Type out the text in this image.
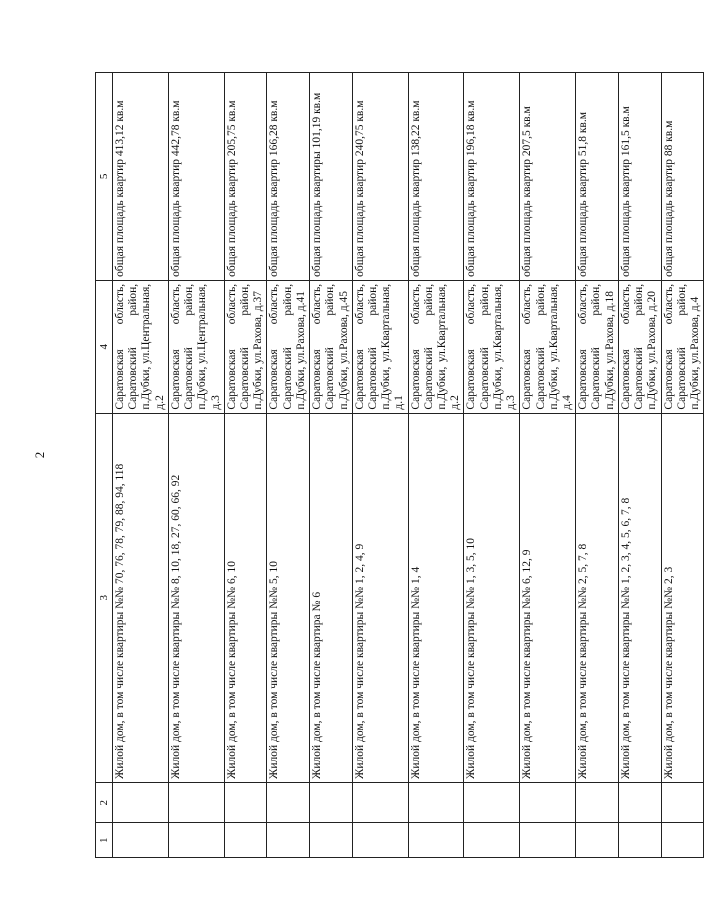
2
1	2	3	4	5
		Жилой дом, в том числе квартиры №№ 70, 76, 78, 79, 88, 94, 118	Саратовская область, Саратовский район, п.Дубки, ул.Центральная, д.2	общая площадь квартир 413,12 кв.м
		Жилой дом, в том числе квартиры №№ 8, 10, 18, 27, 60, 66, 92	Саратовская область, Саратовский район, п.Дубки, ул.Центральная, д.3	общая площадь квартир 442,78 кв.м
		Жилой дом, в том числе квартиры №№ 6, 10	Саратовская область, Саратовский район, п.Дубки, ул.Рахова, д.37	общая площадь квартир 205,75 кв.м
		Жилой дом, в том числе квартиры №№ 5, 10	Саратовская область, Саратовский район, п.Дубки, ул.Рахова, д.41	общая площадь квартир 166,28 кв.м
		Жилой дом, в том числе квартира № 6	Саратовская область, Саратовский район, п.Дубки, ул.Рахова, д.45	общая площадь квартиры 101,19 кв.м
		Жилой дом, в том числе квартиры №№ 1, 2, 4, 9	Саратовская область, Саратовский район, п.Дубки, ул.Квартальная, д.1	общая площадь квартир 240,75 кв.м
		Жилой дом, в том числе квартиры №№ 1, 4	Саратовская область, Саратовский район, п.Дубки, ул.Квартальная, д.2	общая площадь квартир 138,22 кв.м
		Жилой дом, в том числе квартиры №№ 1, 3, 5, 10	Саратовская область, Саратовский район, п.Дубки, ул.Квартальная, д.3	общая площадь квартир 196,18 кв.м
		Жилой дом, в том числе квартиры №№ 6, 12, 9	Саратовская область, Саратовский район, п.Дубки, ул.Квартальная, д.4	общая площадь квартир 207,5 кв.м
		Жилой дом, в том числе квартиры №№ 2, 5, 7, 8	Саратовская область, Саратовский район, п.Дубки, ул.Рахова, д.18	общая площадь квартир 51,8 кв.м
		Жилой дом, в том числе квартиры №№ 1, 2, 3, 4, 5, 6, 7, 8	Саратовская область, Саратовский район, п.Дубки, ул.Рахова, д.20	общая площадь квартир 161,5 кв.м
		Жилой дом, в том числе квартиры №№ 2, 3	Саратовская область, Саратовский район, п.Дубки, ул.Рахова, д.4	общая площадь квартир 88 кв.м
